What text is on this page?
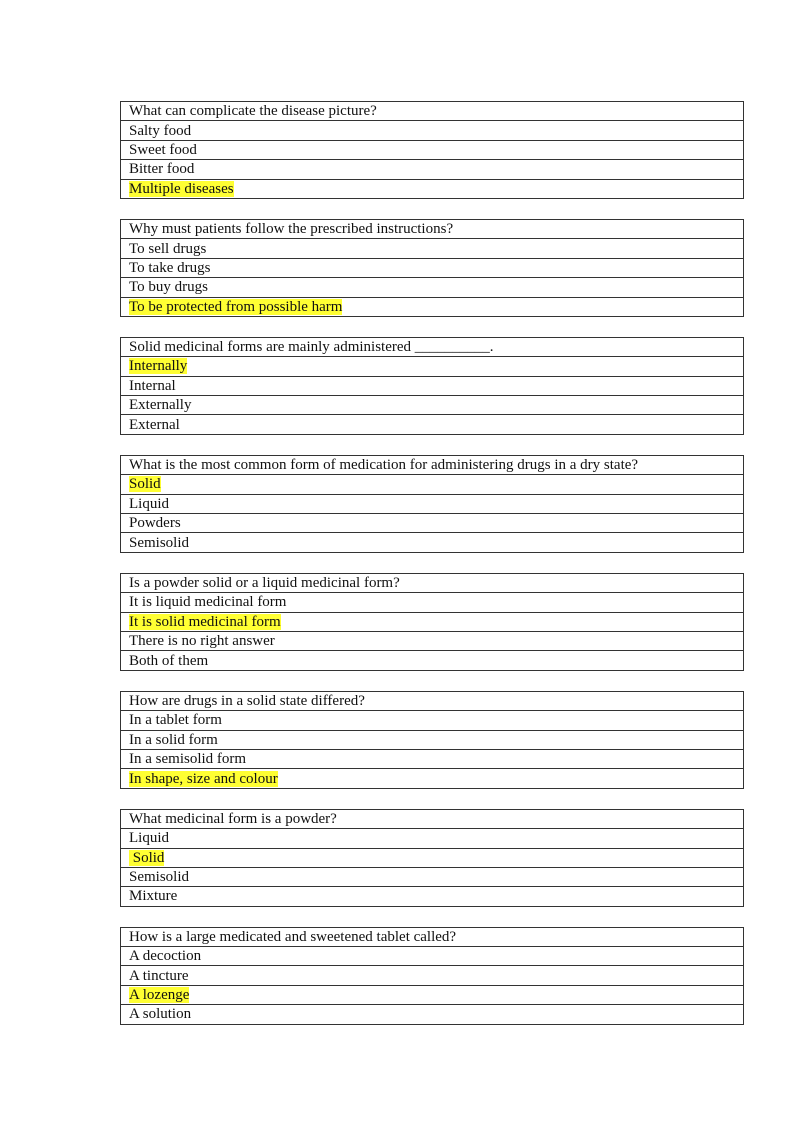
What can complicate the disease picture?
Salty food
Sweet food
Bitter food
Multiple diseases
Why must patients follow the prescribed instructions?
To sell drugs
To take drugs
To buy drugs
To be protected from possible harm
Solid medicinal forms are mainly administered __________.
Internally
Internal
Externally
External
What is the most common form of medication for administering drugs in a dry state?
Solid
Liquid
Powders
Semisolid
Is a powder solid or a liquid medicinal form?
It is liquid medicinal form
It is solid medicinal form
There is no right answer
Both of them
How are drugs in a solid state differed?
In a tablet form
In a solid form
In a semisolid form
In shape, size and colour
What medicinal form is a powder?
Liquid
Solid
Semisolid
Mixture
How is a large medicated and sweetened tablet called?
A decoction
A tincture
A lozenge
A solution
